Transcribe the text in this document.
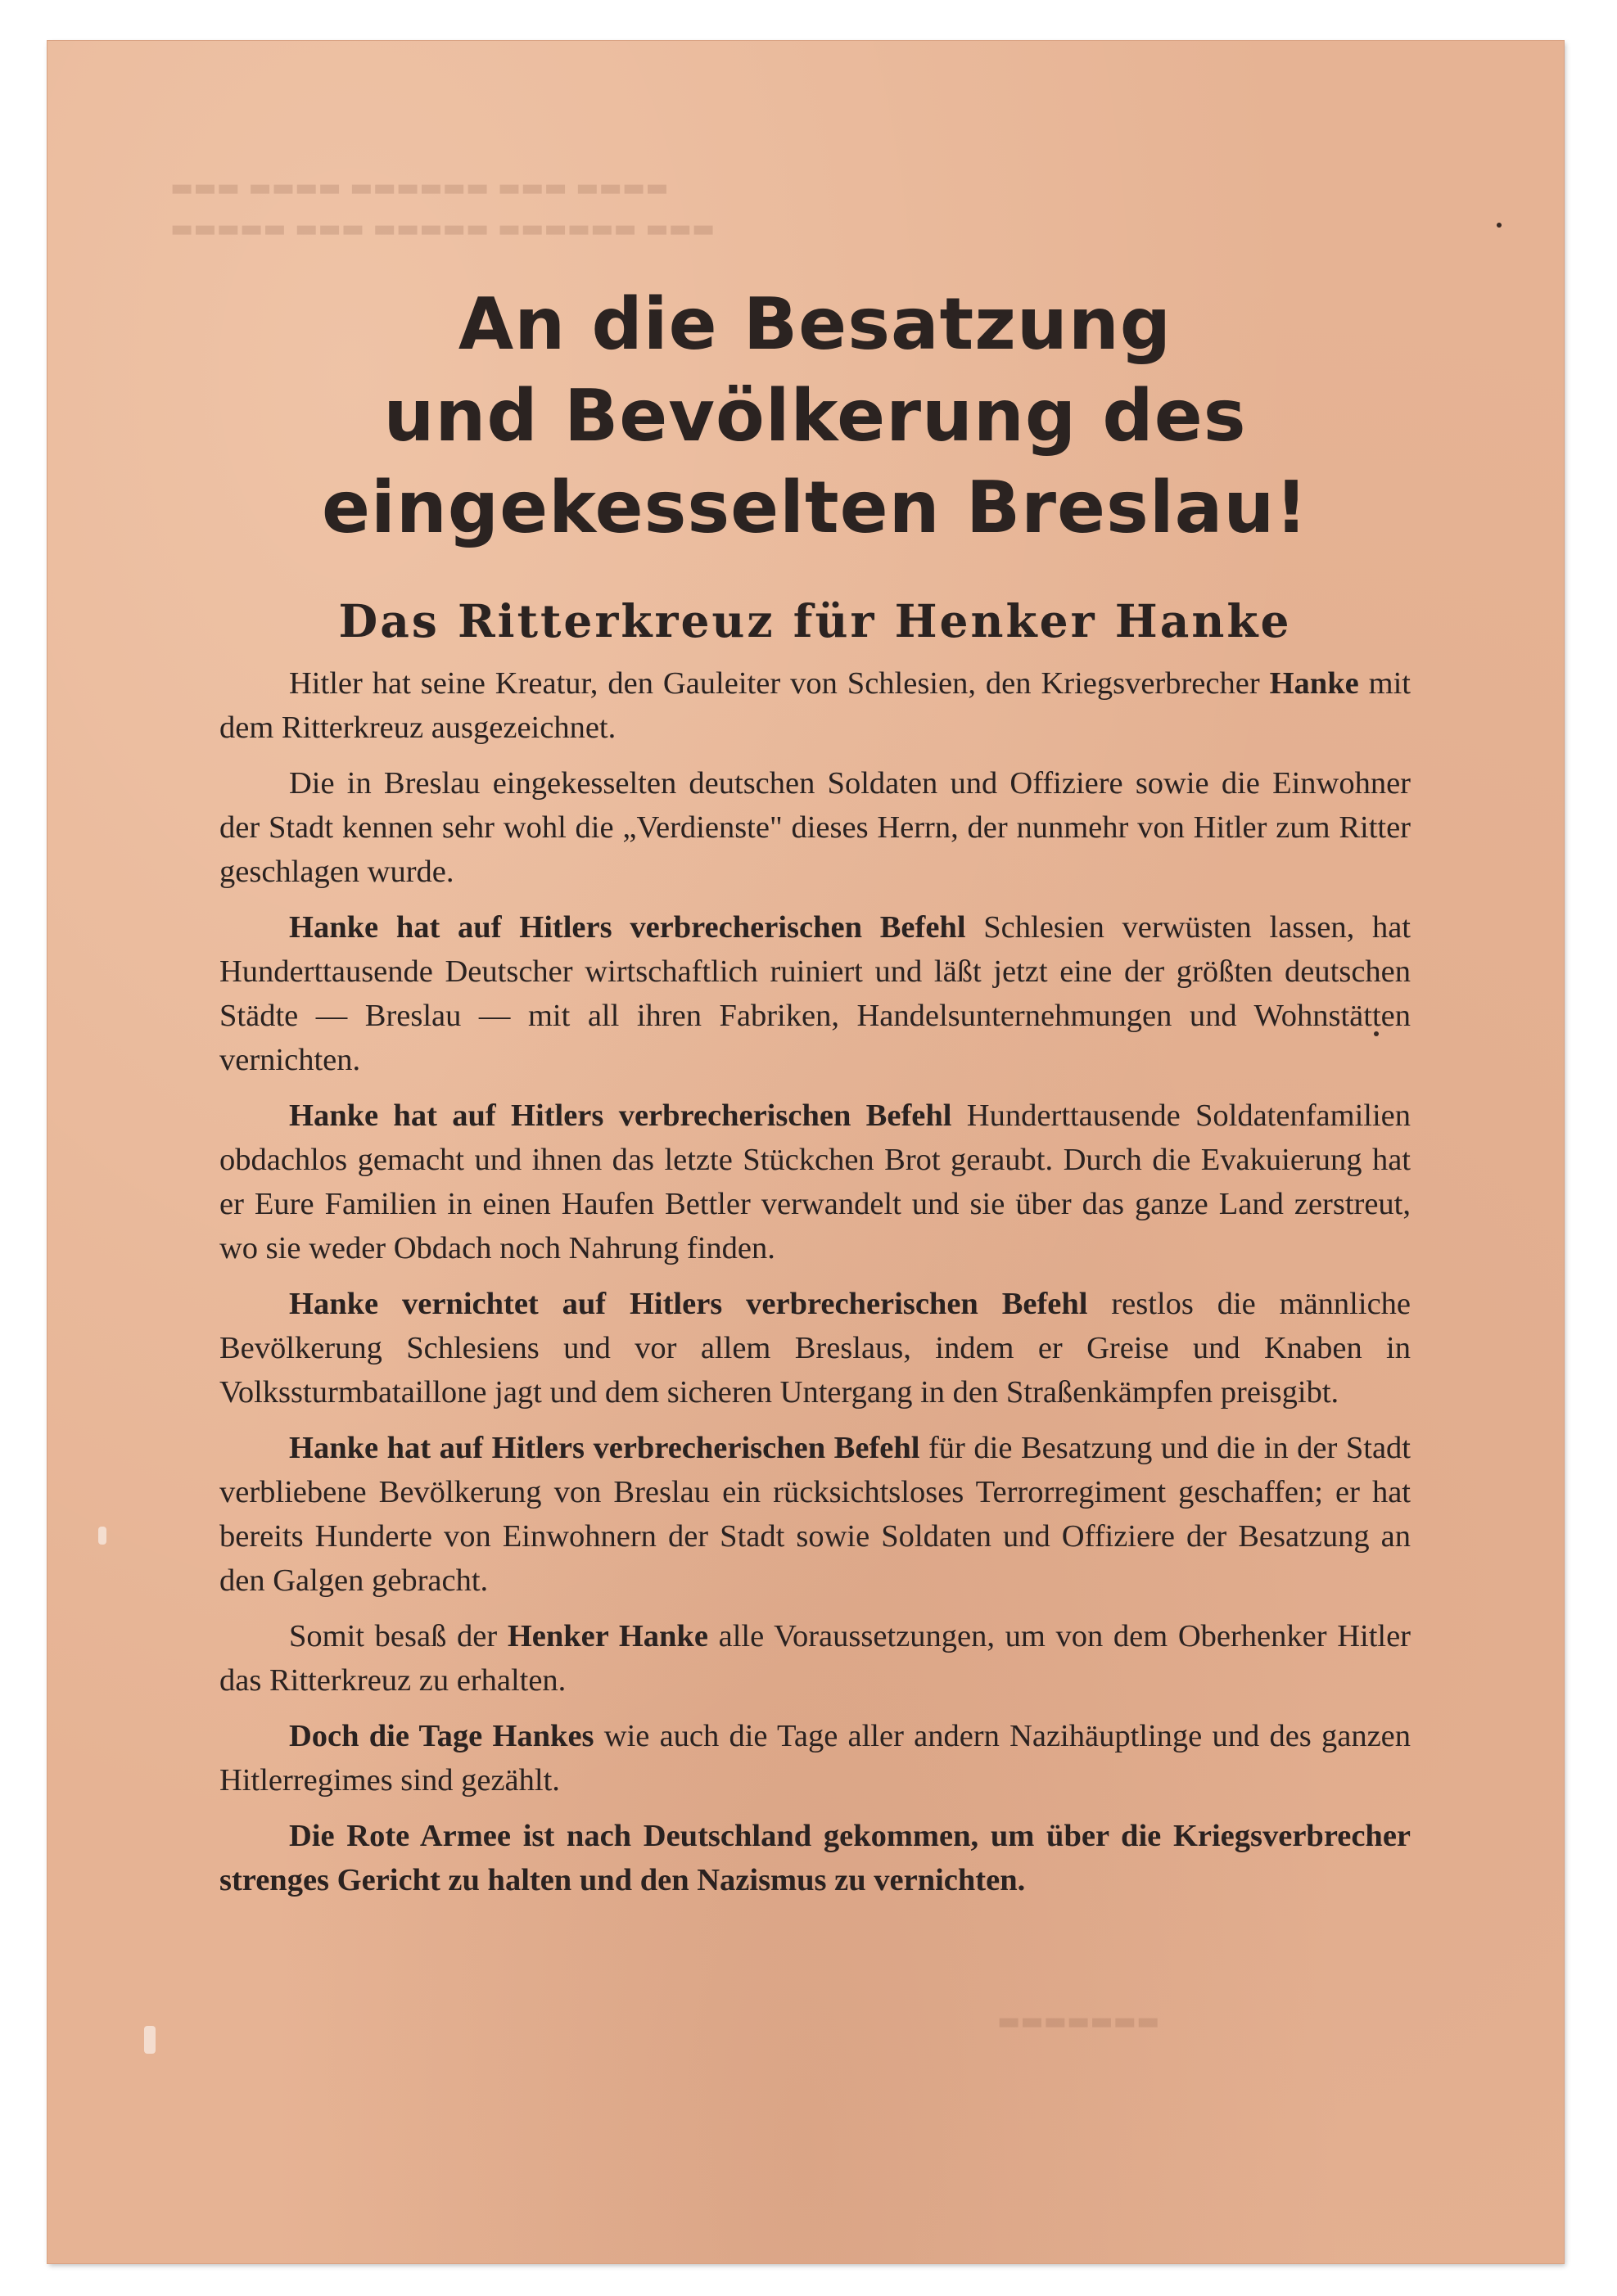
▬▬▬ ▬▬▬▬ ▬▬▬▬▬▬ ▬▬▬ ▬▬▬▬
▬▬▬▬▬ ▬▬▬ ▬▬▬▬▬ ▬▬▬▬▬▬ ▬▬▬
▬▬▬▬▬▬▬
An die Besatzung
und Bevölkerung des
eingekesselten Breslau!
Das Ritterkreuz für Henker Hanke

Hitler hat seine Kreatur, den Gauleiter von Schlesien, den Kriegsverbrecher Hanke mit dem Ritterkreuz ausgezeichnet.

Die in Breslau eingekesselten deutschen Soldaten und Offiziere sowie die Einwohner der Stadt kennen sehr wohl die „Verdienste" dieses Herrn, der nunmehr von Hitler zum Ritter geschlagen wurde.

Hanke hat auf Hitlers verbrecherischen Befehl Schlesien verwüsten lassen, hat Hunderttausende Deutscher wirtschaftlich ruiniert und läßt jetzt eine der größten deutschen Städte — Breslau — mit all ihren Fabriken, Handelsunternehmungen und Wohnstätten vernichten.

Hanke hat auf Hitlers verbrecherischen Befehl Hunderttausende Soldatenfamilien obdachlos gemacht und ihnen das letzte Stückchen Brot geraubt. Durch die Evakuierung hat er Eure Familien in einen Haufen Bettler verwandelt und sie über das ganze Land zerstreut, wo sie weder Obdach noch Nahrung finden.

Hanke vernichtet auf Hitlers verbrecherischen Befehl restlos die männliche Bevölkerung Schlesiens und vor allem Breslaus, indem er Greise und Knaben in Volkssturmbataillone jagt und dem sicheren Untergang in den Straßenkämpfen preisgibt.

Hanke hat auf Hitlers verbrecherischen Befehl für die Besatzung und die in der Stadt verbliebene Bevölkerung von Breslau ein rücksichtsloses Terrorregiment geschaffen; er hat bereits Hunderte von Einwohnern der Stadt sowie Soldaten und Offiziere der Besatzung an den Galgen gebracht.

Somit besaß der Henker Hanke alle Voraussetzungen, um von dem Oberhenker Hitler das Ritterkreuz zu erhalten.

Doch die Tage Hankes wie auch die Tage aller andern Nazihäuptlinge und des ganzen Hitlerregimes sind gezählt.

Die Rote Armee ist nach Deutschland gekommen, um über die Kriegsverbrecher strenges Gericht zu halten und den Nazismus zu vernichten.
